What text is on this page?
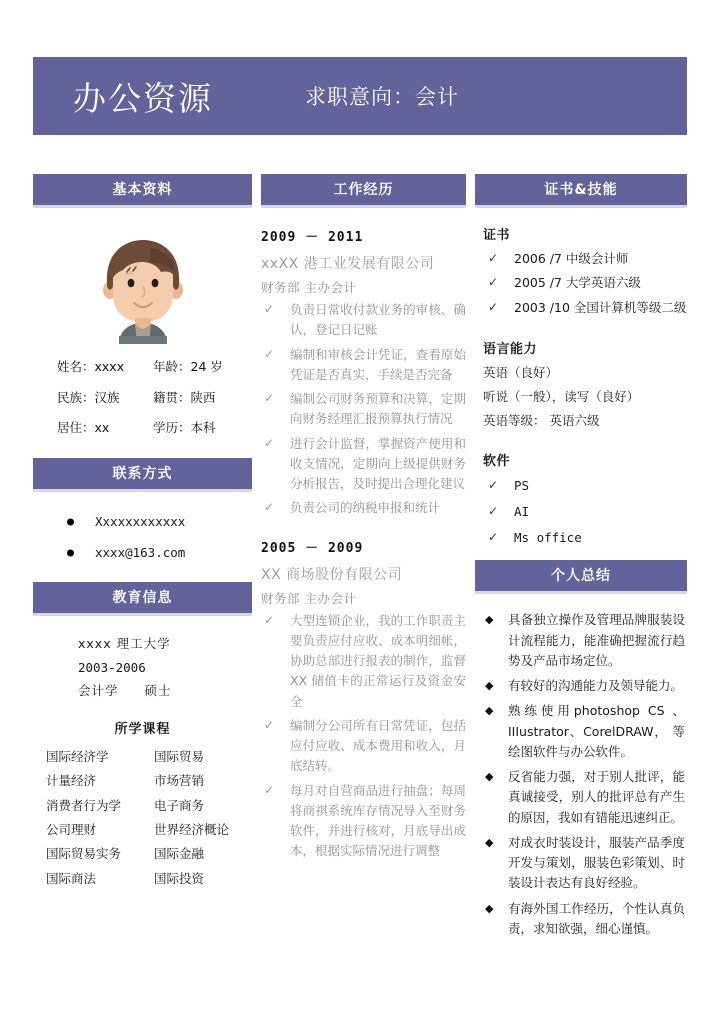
办公资源	求职意向：会计
基本资料
姓名：xxxx 年龄：24 岁
民族：汉族	籍贯：陕西
居住：xx	学历：本科
联系方式
Xxxxxxxxxxxx
xxxx@163.com
教育信息
xxxx 理工大学
2003-2006
会计学 硕士
所学课程
国际经济学	国际贸易
计量经济	市场营销
消费者行为学	电子商务
公司理财	世界经济概论
国际贸易实务	国际金融
国际商法	国际投资
工作经历
2009 － 2011
xxXX 港工业发展有限公司
财务部 主办会计
✓ 负责日常收付款业务的审核、确认，登记日记账
✓ 编制和审核会计凭证，查看原始凭证是否真实，手续是否完备
✓ 编制公司财务预算和决算，定期向财务经理汇报预算执行情况
✓ 进行会计监督，掌握资产使用和收支情况，定期向上级提供财务分析报告，及时提出合理化建议
✓ 负责公司的纳税申报和统计
2005 － 2009
XX 商场股份有限公司
财务部 主办会计
✓ 大型连锁企业，我的工作职责主要负责应付应收、成本明细帐，协助总部进行报表的制作，监督 XX 储值卡的正常运行及资金安全
✓ 编制分公司所有日常凭证，包括应付应收、成本费用和收入，月底结转。
✓ 每月对自营商品进行抽盘；每周将商祺系统库存情况导入至财务软件，并进行核对，月底导出成本，根据实际情况进行调整
证书&技能
证书
✓ 2006 /7 中级会计师
✓ 2005 /7 大学英语六级
✓ 2003 /10 全国计算机等级二级
语言能力
英语（良好）
听说（一般），读写（良好）
英语等级： 英语六级
软件
✓ PS
✓ AI
✓ Ms office
个人总结
◆ 具备独立操作及管理品牌服装设计流程能力，能准确把握流行趋势及产品市场定位。
◆ 有较好的沟通能力及领导能力。
◆ 熟练使用photoshop CS 、IIIustrator、CorelDRAW， 等绘图软件与办公软件。
◆ 反省能力强，对于别人批评，能真诚接受，别人的批评总有产生的原因，我如有错能迅速纠正。
◆ 对成衣时装设计，服装产品季度开发与策划，服装色彩策划、时装设计表达有良好经验。
◆ 有海外国工作经历，个性认真负责，求知欲强，细心谨慎。
